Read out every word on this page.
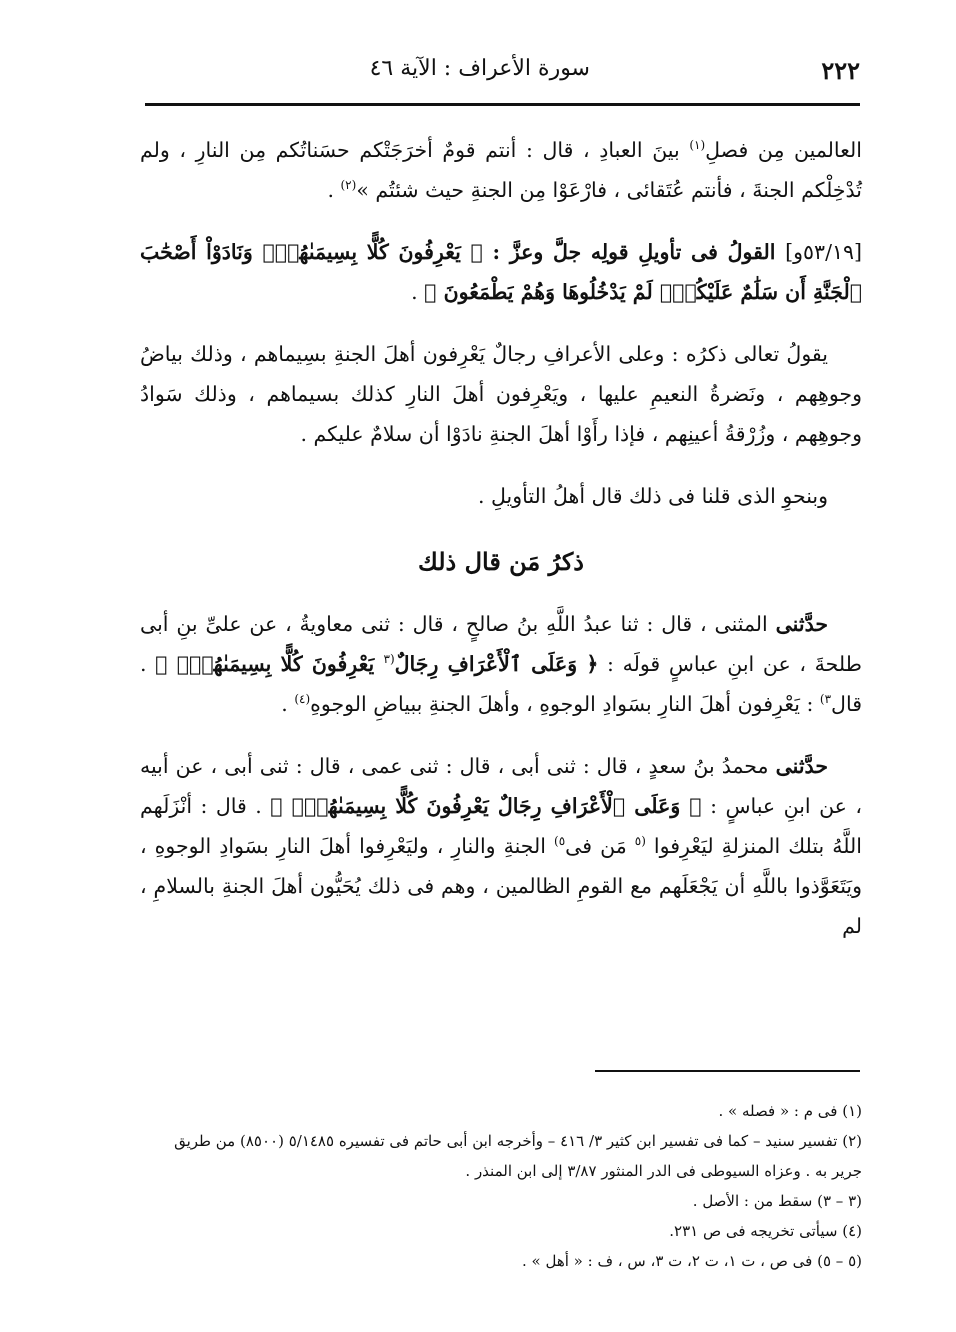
٢٢٢
سورة الأعراف : الآية ٤٦

العالمين مِن فصلِ$^{(١)}$ بينَ العبادِ ، قال : أنتم قومٌ أخرَجَتْكم حسَناتُكم مِن النارِ ، ولم تُدْخِلْكم الجنةَ ، فأنتم عُتَقائى ، فارْعَوْا مِن الجنةِ حيث شئتُم »$^{(٢)}$ .

[٥٣/١٩و] القولُ فى تأويلِ قولِه جلَّ وعزَّ : ﴿ يَعْرِفُونَ كُلًّا بِسِيمَىٰهُمْۚ وَنَادَوْاْ أَصْحَٰبَ ٱلْجَنَّةِ أَن سَلَٰمٌ عَلَيْكُمْۚ لَمْ يَدْخُلُوهَا وَهُمْ يَطْمَعُونَ ﴾ .

يقولُ تعالى ذكرُه : وعلى الأعرافِ رجالٌ يَعْرِفون أهلَ الجنةِ بسِيماهم ، وذلك بياضُ وجوهِهم ، ونَضرةُ النعيمِ عليها ، ويَعْرِفون أهلَ النارِ كذلك بسيماهم ، وذلك سَوادُ وجوهِهم ، وزُرْقةُ أعينِهم ، فإذا رأَوْا أهلَ الجنةِ نادَوْا أن سلامٌ عليكم .

وبنحوِ الذى قلنا فى ذلك قال أهلُ التأويلِ .

ذكرُ مَن قال ذلك

حدَّثنى المثنى ، قال : ثنا عبدُ اللَّهِ بنُ صالحٍ ، قال : ثنى معاويةُ ، عن علىِّ بنِ أبى طلحةَ ، عن ابنِ عباسٍ قولَه : ﴿ وَعَلَى ٱلْأَعْرَافِ رِجَالٌ$^{(٣}$ يَعْرِفُونَ كُلًّا بِسِيمَىٰهُمْۚ ﴾ . قال$^{٣)}$ : يَعْرِفون أهلَ النارِ بسَوادِ الوجوهِ ، وأهلَ الجنةِ ببياضِ الوجوهِ$^{(٤)}$ .

حدَّثنى محمدُ بنُ سعدٍ ، قال : ثنى أبى ، قال : ثنى عمى ، قال : ثنى أبى ، عن أبيه ، عن ابنِ عباسٍ : ﴿ وَعَلَى ٱلْأَعْرَافِ رِجَالٌ يَعْرِفُونَ كُلًّا بِسِيمَىٰهُمْۚ ﴾ . قال : أنْزَلَهم اللَّهُ بتلك المنزلةِ ليَعْرِفوا $^{(٥}$ مَن فى$^{٥)}$ الجنةِ والنارِ ، وليَعْرِفوا أهلَ النارِ بسَوادِ الوجوهِ ، ويَتَعَوَّذوا باللَّهِ أن يَجْعَلَهم مع القومِ الظالمين ، وهم فى ذلك يُحَيُّون أهلَ الجنةِ بالسلامِ ، لم

(١) فى م : « فصله » .

(٢) تفسير سنيد – كما فى تفسير ابن كثير ٣/ ٤١٦ – وأخرجه ابن أبى حاتم فى تفسيره ٥/١٤٨٥ (٨٥٠٠) من طريق جرير به . وعزاه السيوطى فى الدر المنثور ٣/٨٧ إلى ابن المنذر .

(٣ – ٣) سقط من : الأصل .

(٤) سيأتى تخريجه فى ص ٢٣١.

(٥ – ٥) فى ص ، ت ١، ت ٢، ت ٣، س ، ف : « أهل » .
